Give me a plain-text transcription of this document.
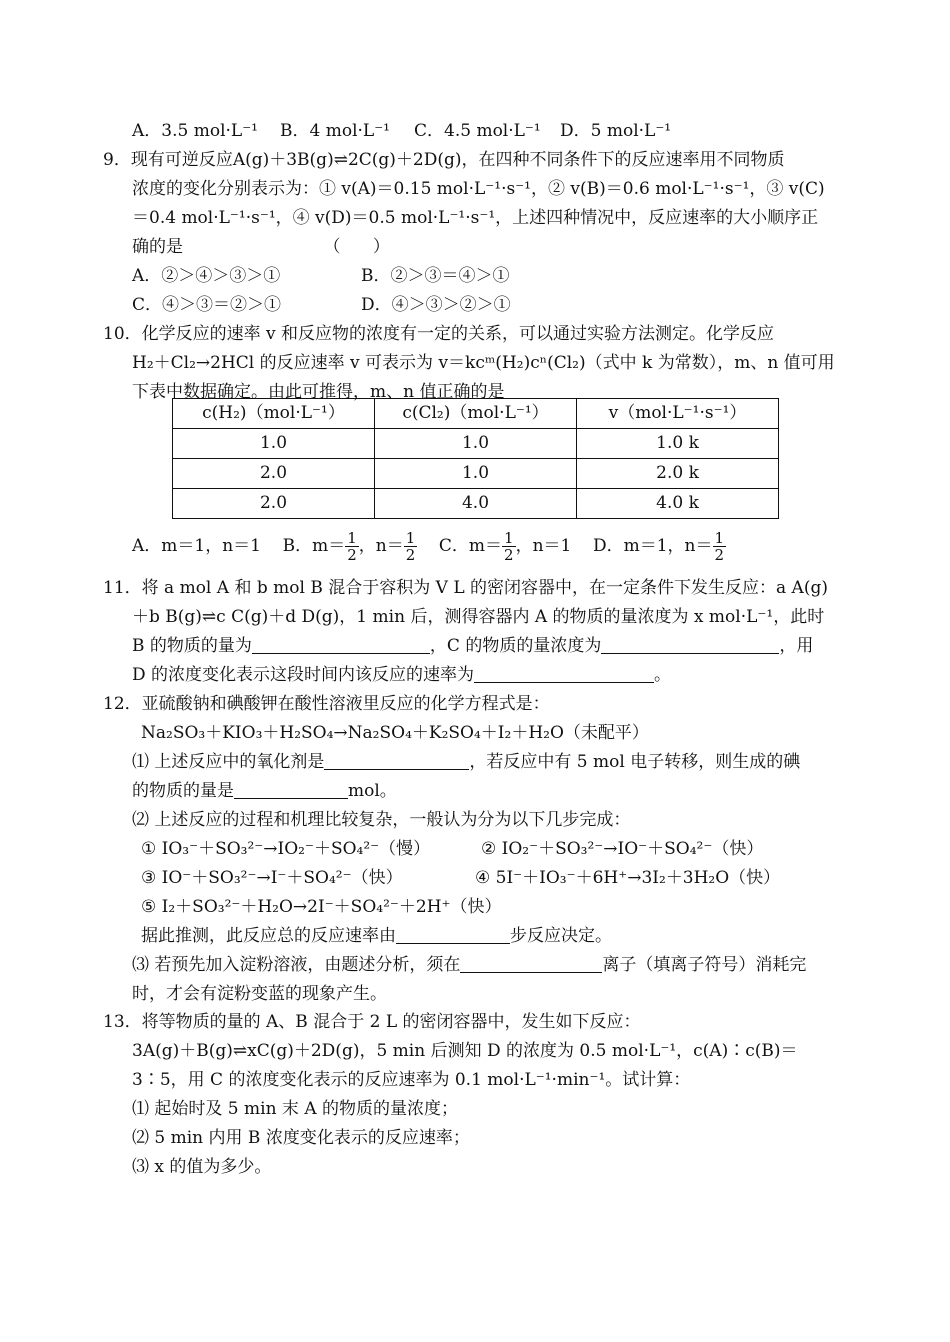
A．3.5 mol·L⁻¹ B．4 mol·L⁻¹ C．4.5 mol·L⁻¹ D．5 mol·L⁻¹
9．现有可逆反应A(g)＋3B(g)⇌2C(g)＋2D(g)，在四种不同条件下的反应速率用不同物质
浓度的变化分别表示为：① v(A)＝0.15 mol·L⁻¹·s⁻¹，② v(B)＝0.6 mol·L⁻¹·s⁻¹，③ v(C)
＝0.4 mol·L⁻¹·s⁻¹，④ v(D)＝0.5 mol·L⁻¹·s⁻¹，上述四种情况中，反应速率的大小顺序正
确的是                          （      ）
A．②＞④＞③＞①	B．②＞③＝④＞①
C．④＞③＝②＞①	D．④＞③＞②＞①
10．化学反应的速率 v 和反应物的浓度有一定的关系，可以通过实验方法测定。化学反应
H₂＋Cl₂→2HCl 的反应速率 v 可表示为 v＝kcᵐ(H₂)cⁿ(Cl₂)（式中 k 为常数），m、n 值可用
下表中数据确定。由此可推得，m、n 值正确的是
c(H₂)（mol·L⁻¹）	c(Cl₂)（mol·L⁻¹）	v（mol·L⁻¹·s⁻¹）
1.0	1.0	1.0 k
2.0	1.0	2.0 k
2.0	4.0	4.0 k
A．m＝1，n＝1 B．$m= \frac{1}{2}$ ，$n= \frac{1}{2}$ C．$m= \frac{1}{2}$ ，n＝1 D．m＝1，$n= \frac{1}{2}$
11．将 a mol A 和 b mol B 混合于容积为 V L 的密闭容器中，在一定条件下发生反应：a A(g)
＋b B(g)⇌c C(g)＋d D(g)，1 min 后，测得容器内 A 的物质的量浓度为 x mol·L⁻¹，此时
B 的物质的量为	，C 的物质的量浓度为	，用
D 的浓度变化表示这段时间内该反应的速率为	。
12．亚硫酸钠和碘酸钾在酸性溶液里反应的化学方程式是：
Na₂SO₃＋KIO₃＋H₂SO₄→Na₂SO₄＋K₂SO₄＋I₂＋H₂O（未配平）
⑴ 上述反应中的氧化剂是	，若反应中有 5 mol 电子转移，则生成的碘
的物质的量是	mol。
⑵ 上述反应的过程和机理比较复杂，一般认为分为以下几步完成：
① IO₃⁻＋SO₃²⁻→IO₂⁻＋SO₄²⁻（慢）	② IO₂⁻＋SO₃²⁻→IO⁻＋SO₄²⁻（快）
③ IO⁻＋SO₃²⁻→I⁻＋SO₄²⁻（快）	④ 5I⁻＋IO₃⁻＋6H⁺→3I₂＋3H₂O（快）
⑤ I₂＋SO₃²⁻＋H₂O→2I⁻＋SO₄²⁻＋2H⁺（快）
据此推测，此反应总的反应速率由	步反应决定。
⑶ 若预先加入淀粉溶液，由题述分析，须在	离子（填离子符号）消耗完
时，才会有淀粉变蓝的现象产生。
13．将等物质的量的 A、B 混合于 2 L 的密闭容器中，发生如下反应：
3A(g)＋B(g)⇌xC(g)＋2D(g)，5 min 后测知 D 的浓度为 0.5 mol·L⁻¹，c(A)∶c(B)＝
3∶5，用 C 的浓度变化表示的反应速率为 0.1 mol·L⁻¹·min⁻¹。试计算：
⑴ 起始时及 5 min 末 A 的物质的量浓度；
⑵ 5 min 内用 B 浓度变化表示的反应速率；
⑶ x 的值为多少。
